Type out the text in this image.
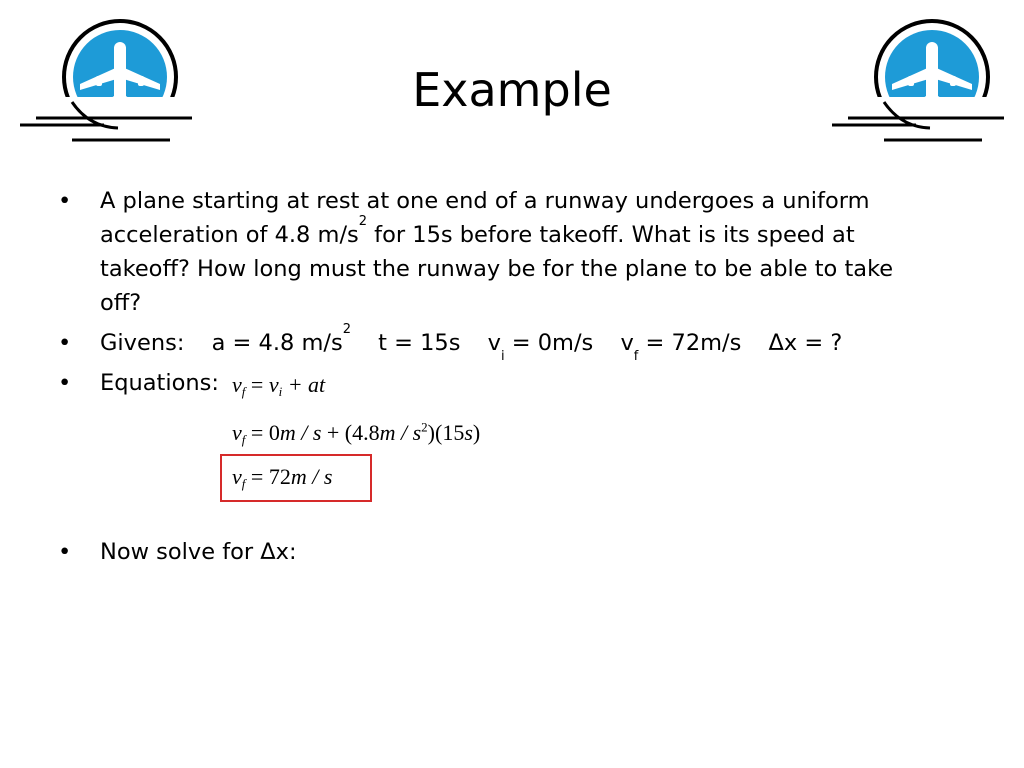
Example
• A plane starting at rest at one end of a runway undergoes a uniform acceleration of 4.8 $m/s^2$ for 15s before takeoff. What is its speed at takeoff? How long must the runway be for the plane to be able to take off?
• Givens: a = 4.8 $m/s^2$ t = 15s $v_i = 0m/s$ $v_f = 72m/s$ Δx = ?
• Equations: $v_f = v_i$ + at
$v_f = 0m / s + (4.8m / s^2)(15s)$
$v_f = 72m / s$
• Now solve for Δx:
